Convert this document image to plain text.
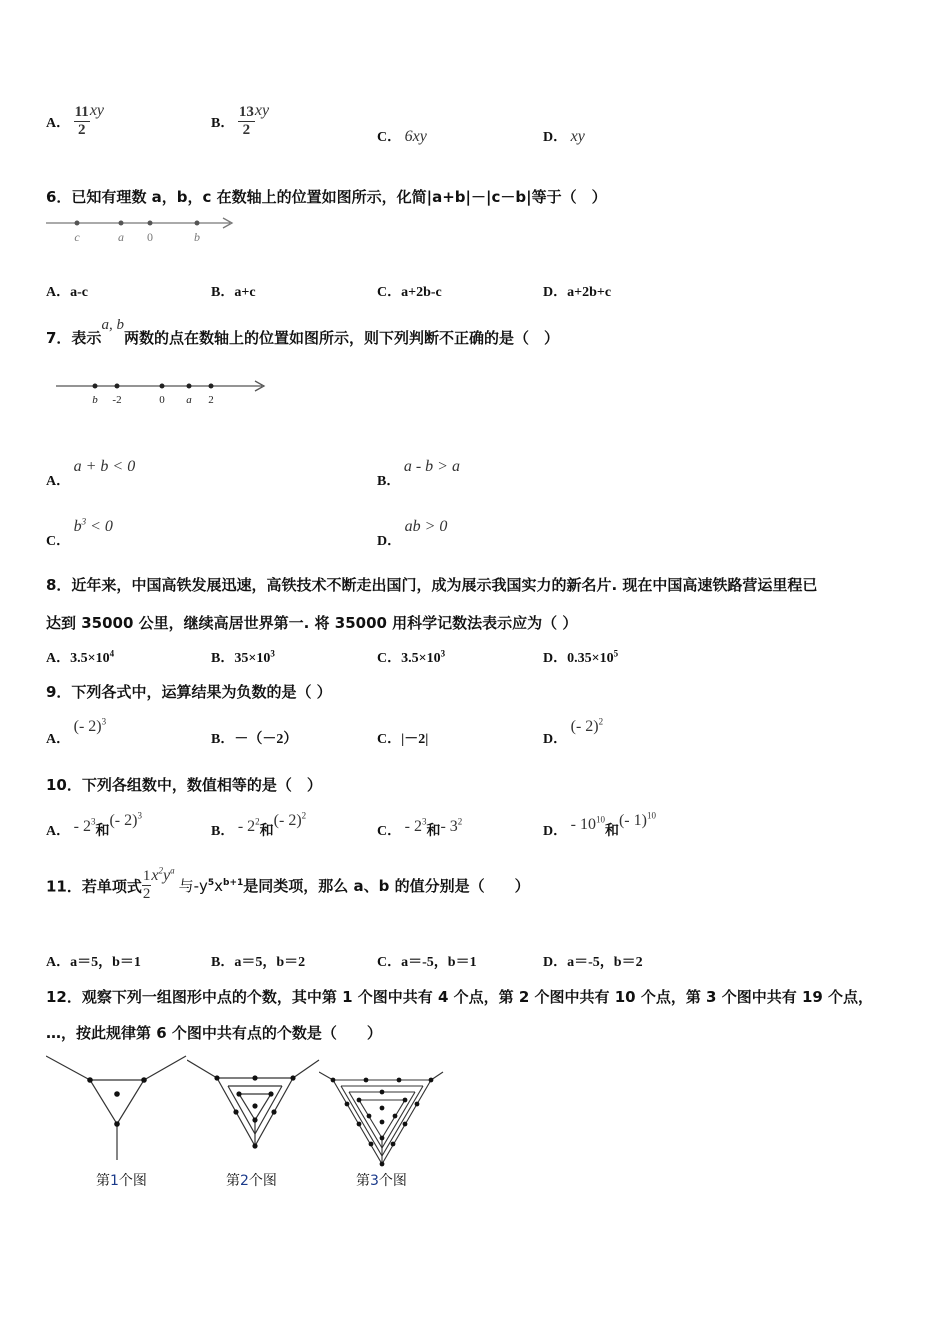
A． $\frac{11}{2}$ xy
B． $\frac{13}{2}$ xy
C． 6xy	D． xy
6．已知有理数 a，b，c 在数轴上的位置如图所示，化简|a+b|－|c－b|等于（　）
c	a 0	b
A．a-c	B．a+c	C．a+2b-c	D．a+2b+c
7．表示a, b两数的点在数轴上的位置如图所示，则下列判断不正确的是（　）
b -2	0 a 2
A． a + b < 0
B． a - b > a
C． $b^3 < 0$
D． ab > 0
8．近年来，中国高铁发展迅速，高铁技术不断走出国门，成为展示我国实力的新名片. 现在中国高速铁路营运里程已
达到 35000 公里，继续高居世界第一. 将 35000 用科学记数法表示应为（ ）
A．$3.5\times 10^4$	B．$35\times 10^3$	C．$3.5\times 10^3$	D．$0.35\times 10^5$
9．下列各式中，运算结果为负数的是（ ）
A． (- 2)$^3$
B．－（－2）	C．|－2|	D． (- 2)$^2$
10．下列各组数中，数值相等的是（　）
A． - $2^3$和(- 2)$^3$
B． - $2^2$和(- 2)$^2$
C． - $2^3$和- $3^2$
D． - $10^{10}$和(- 1)$^{10}$
11．若单项式 $\frac{1}{2} x^2y^a$与$-y^5x^{b+1}$是同类项，那么 a、b 的值分别是（　　）
A．a＝5，b＝1	B．a＝5，b＝2	C．a＝-5，b＝1	D．a＝-5，b＝2
12．观察下列一组图形中点的个数，其中第 1 个图中共有 4 个点，第 2 个图中共有 10 个点，第 3 个图中共有 19 个点，
…，按此规律第 6 个图中共有点的个数是（　　）
第1个图	第2个图	第3个图
